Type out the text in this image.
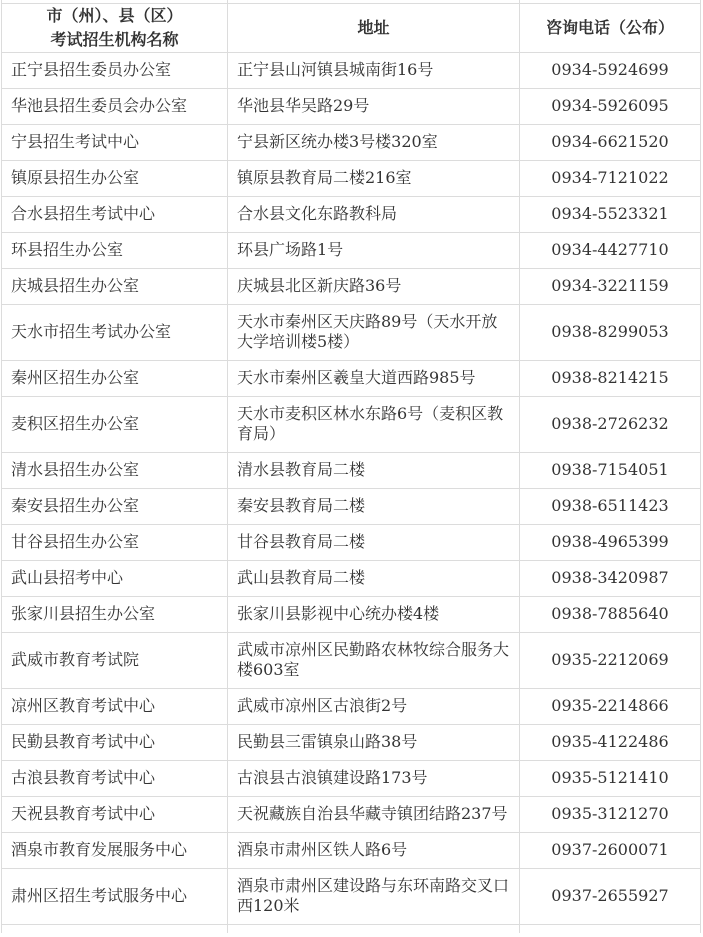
市（州）、县（区）
考试招生机构名称	地址	咨询电话（公布）
正宁县招生委员办公室	正宁县山河镇县城南街16号	0934-5924699
华池县招生委员会办公室	华池县华吴路29号	0934-5926095
宁县招生考试中心	宁县新区统办楼3号楼320室	0934-6621520
镇原县招生办公室	镇原县教育局二楼216室	0934-7121022
合水县招生考试中心	合水县文化东路教科局	0934-5523321
环县招生办公室	环县广场路1号	0934-4427710
庆城县招生办公室	庆城县北区新庆路36号	0934-3221159
天水市招生考试办公室	天水市秦州区天庆路89号（天水开放大学培训楼5楼）	0938-8299053
秦州区招生办公室	天水市秦州区羲皇大道西路985号	0938-8214215
麦积区招生办公室	天水市麦积区林水东路6号（麦积区教育局）	0938-2726232
清水县招生办公室	清水县教育局二楼	0938-7154051
秦安县招生办公室	秦安县教育局二楼	0938-6511423
甘谷县招生办公室	甘谷县教育局二楼	0938-4965399
武山县招考中心	武山县教育局二楼	0938-3420987
张家川县招生办公室	张家川县影视中心统办楼4楼	0938-7885640
武威市教育考试院	武威市凉州区民勤路农林牧综合服务大楼603室	0935-2212069
凉州区教育考试中心	武威市凉州区古浪街2号	0935-2214866
民勤县教育考试中心	民勤县三雷镇泉山路38号	0935-4122486
古浪县教育考试中心	古浪县古浪镇建设路173号	0935-5121410
天祝县教育考试中心	天祝藏族自治县华藏寺镇团结路237号	0935-3121270
酒泉市教育发展服务中心	酒泉市肃州区铁人路6号	0937-2600071
肃州区招生考试服务中心	酒泉市肃州区建设路与东环南路交叉口西120米	0937-2655927
